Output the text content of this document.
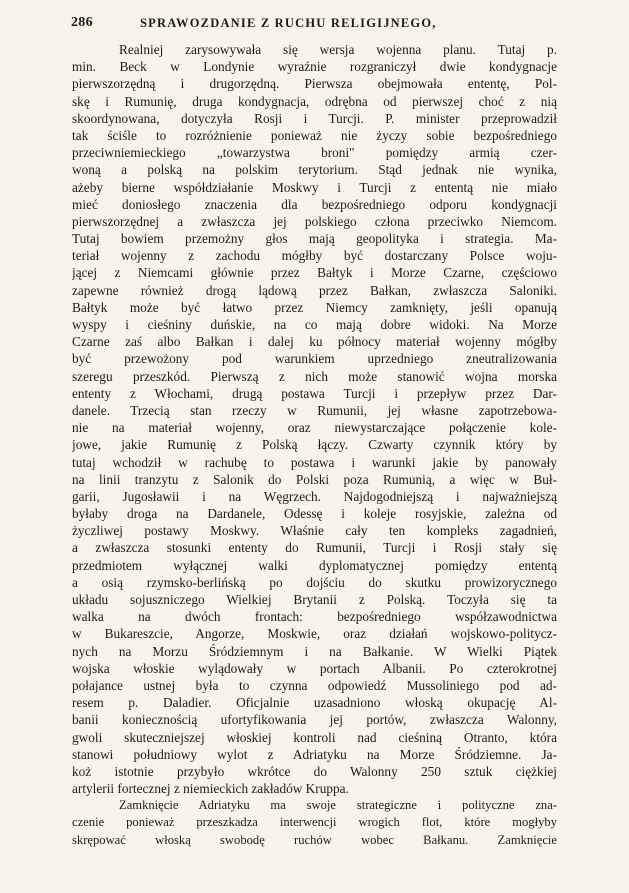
286	SPRAWOZDANIE Z RUCHU RELIGIJNEGO,
Realniej zarysowywała się wersja wojenna planu. Tutaj p.
min. Beck w Londynie wyraźnie rozgraniczył dwie kondygnacje
pierwszorzędną i drugorzędną. Pierwsza obejmowała ententę, Pol-
skę i Rumunię, druga kondygnacja, odrębna od pierwszej choć z nią
skoordynowana, dotyczyła Rosji i Turcji. P. minister przeprowadził
tak ściśle to rozróżnienie ponieważ nie życzy sobie bezpośredniego
przeciwniemieckiego „towarzystwa broni" pomiędzy armią czer-
woną a polską na polskim terytorium. Stąd jednak nie wynika,
ażeby bierne współdziałanie Moskwy i Turcji z ententą nie miało
mieć doniosłego znaczenia dla bezpośredniego odporu kondygnacji
pierwszorzędnej a zwłaszcza jej polskiego człona przeciwko Niemcom.
Tutaj bowiem przemożny głos mają geopolityka i strategia. Ma-
teriał wojenny z zachodu mógłby być dostarczany Polsce woju-
jącej z Niemcami głównie przez Bałtyk i Morze Czarne, częściowo
zapewne również drogą lądową przez Bałkan, zwłaszcza Saloniki.
Bałtyk może być łatwo przez Niemcy zamknięty, jeśli opanują
wyspy i cieśniny duńskie, na co mają dobre widoki. Na Morze
Czarne zaś albo Bałkan i dalej ku północy materiał wojenny mógłby
być przewożony pod warunkiem uprzedniego zneutralizowania
szeregu przeszkód. Pierwszą z nich może stanowić wojna morska
ententy z Włochami, drugą postawa Turcji i przepływ przez Dar-
danele. Trzecią stan rzeczy w Rumunii, jej własne zapotrzebowa-
nie na materiał wojenny, oraz niewystarczające połączenie kole-
jowe, jakie Rumunię z Polską łączy. Czwarty czynnik który by
tutaj wchodził w rachubę to postawa i warunki jakie by panowały
na linii tranzytu z Salonik do Polski poza Rumunią, a więc w Buł-
garii, Jugosławii i na Węgrzech. Najdogodniejszą i najważniejszą
byłaby droga na Dardanele, Odessę i koleje rosyjskie, zależna od
życzliwej postawy Moskwy. Właśnie cały ten kompleks zagadnień,
a zwłaszcza stosunki ententy do Rumunii, Turcji i Rosji stały się
przedmiotem wyłącznej walki dyplomatycznej pomiędzy ententą
a osią rzymsko-berlińską po dojściu do skutku prowizorycznego
układu sojuszniczego Wielkiej Brytanii z Polską. Toczyła się ta
walka na dwóch frontach: bezpośredniego współzawodnictwa
w Bukareszcie, Angorze, Moskwie, oraz działań wojskowo-politycz-
nych na Morzu Śródziemnym i na Bałkanie. W Wielki Piątek
wojska włoskie wylądowały w portach Albanii. Po czterokrotnej
połajance ustnej była to czynna odpowiedź Mussoliniego pod ad-
resem p. Daladier. Oficjalnie uzasadniono włoską okupację Al-
banii koniecznością ufortyfikowania jej portów, zwłaszcza Walonny,
gwoli skuteczniejszej włoskiej kontroli nad cieśniną Otranto, która
stanowi południowy wylot z Adriatyku na Morze Śródziemne. Ja-
koż istotnie przybyło wkrótce do Walonny 250 sztuk ciężkiej
artylerii fortecznej z niemieckich zakładów Kruppa.
Zamknięcie Adriatyku ma swoje strategiczne i polityczne zna-
czenie ponieważ przeszkadza interwencji wrogich flot, które mogłyby
skrępować włoską swobodę ruchów wobec Bałkanu. Zamknięcie
